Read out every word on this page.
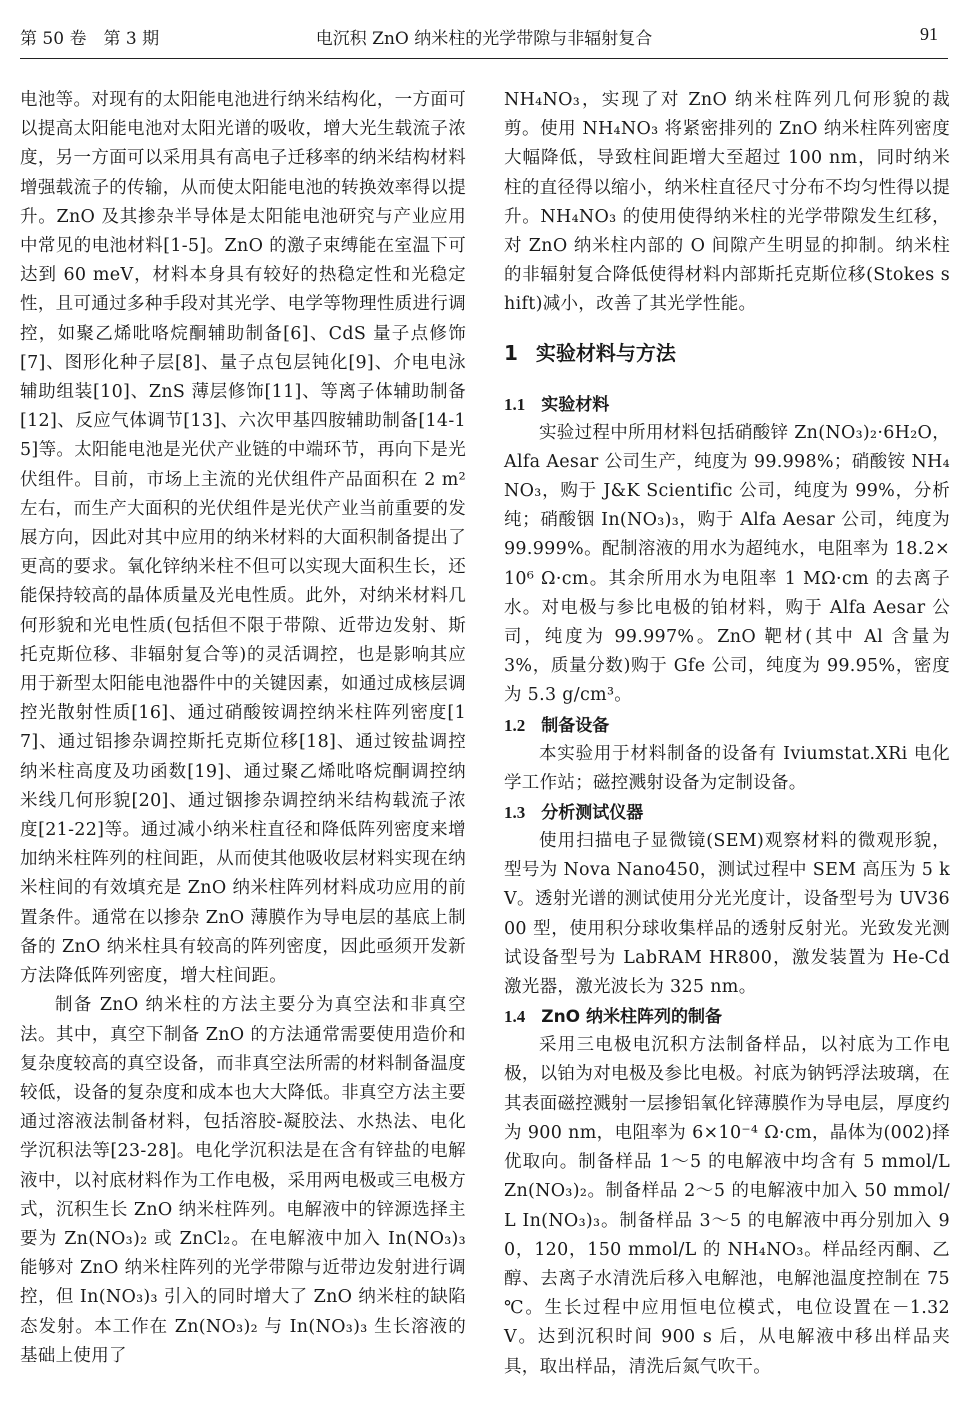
第 50 卷　第 3 期	电沉积 ZnO 纳米柱的光学带隙与非辐射复合	91

电池等。对现有的太阳能电池进行纳米结构化，一方面可以提高太阳能电池对太阳光谱的吸收，增大光生载流子浓度，另一方面可以采用具有高电子迁移率的纳米结构材料增强载流子的传输，从而使太阳能电池的转换效率得以提升。ZnO 及其掺杂半导体是太阳能电池研究与产业应用中常见的电池材料[1-5]。ZnO 的激子束缚能在室温下可达到 60 meV，材料本身具有较好的热稳定性和光稳定性，且可通过多种手段对其光学、电学等物理性质进行调控，如聚乙烯吡咯烷酮辅助制备[6]、CdS 量子点修饰[7]、图形化种子层[8]、量子点包层钝化[9]、介电电泳辅助组装[10]、ZnS 薄层修饰[11]、等离子体辅助制备[12]、反应气体调节[13]、六次甲基四胺辅助制备[14-15]等。太阳能电池是光伏产业链的中端环节，再向下是光伏组件。目前，市场上主流的光伏组件产品面积在 2 m² 左右，而生产大面积的光伏组件是光伏产业当前重要的发展方向，因此对其中应用的纳米材料的大面积制备提出了更高的要求。氧化锌纳米柱不但可以实现大面积生长，还能保持较高的晶体质量及光电性质。此外，对纳米材料几何形貌和光电性质(包括但不限于带隙、近带边发射、斯托克斯位移、非辐射复合等)的灵活调控，也是影响其应用于新型太阳能电池器件中的关键因素，如通过成核层调控光散射性质[16]、通过硝酸铵调控纳米柱阵列密度[17]、通过铝掺杂调控斯托克斯位移[18]、通过铵盐调控纳米柱高度及功函数[19]、通过聚乙烯吡咯烷酮调控纳米线几何形貌[20]、通过铟掺杂调控纳米结构载流子浓度[21-22]等。通过减小纳米柱直径和降低阵列密度来增加纳米柱阵列的柱间距，从而使其他吸收层材料实现在纳米柱间的有效填充是 ZnO 纳米柱阵列材料成功应用的前置条件。通常在以掺杂 ZnO 薄膜作为导电层的基底上制备的 ZnO 纳米柱具有较高的阵列密度，因此亟须开发新方法降低阵列密度，增大柱间距。

制备 ZnO 纳米柱的方法主要分为真空法和非真空法。其中，真空下制备 ZnO 的方法通常需要使用造价和复杂度较高的真空设备，而非真空法所需的材料制备温度较低，设备的复杂度和成本也大大降低。非真空方法主要通过溶液法制备材料，包括溶胶-凝胶法、水热法、电化学沉积法等[23-28]。电化学沉积法是在含有锌盐的电解液中，以衬底材料作为工作电极，采用两电极或三电极方式，沉积生长 ZnO 纳米柱阵列。电解液中的锌源选择主要为 Zn(NO₃)₂ 或 ZnCl₂。在电解液中加入 In(NO₃)₃ 能够对 ZnO 纳米柱阵列的光学带隙与近带边发射进行调控，但 In(NO₃)₃ 引入的同时增大了 ZnO 纳米柱的缺陷态发射。本工作在 Zn(NO₃)₂ 与 In(NO₃)₃ 生长溶液的基础上使用了

NH₄NO₃，实现了对 ZnO 纳米柱阵列几何形貌的裁剪。使用 NH₄NO₃ 将紧密排列的 ZnO 纳米柱阵列密度大幅降低，导致柱间距增大至超过 100 nm，同时纳米柱的直径得以缩小，纳米柱直径尺寸分布不均匀性得以提升。NH₄NO₃ 的使用使得纳米柱的光学带隙发生红移，对 ZnO 纳米柱内部的 O 间隙产生明显的抑制。纳米柱的非辐射复合降低使得材料内部斯托克斯位移(Stokes shift)减小，改善了其光学性能。

1 实验材料与方法
1.1 实验材料

实验过程中所用材料包括硝酸锌 Zn(NO₃)₂·6H₂O，Alfa Aesar 公司生产，纯度为 99.998%；硝酸铵 NH₄NO₃，购于 J&K Scientific 公司，纯度为 99%，分析纯；硝酸铟 In(NO₃)₃，购于 Alfa Aesar 公司，纯度为 99.999%。配制溶液的用水为超纯水，电阻率为 18.2×10⁶ Ω·cm。其余所用水为电阻率 1 MΩ·cm 的去离子水。对电极与参比电极的铂材料，购于 Alfa Aesar 公司，纯度为 99.997%。ZnO 靶材(其中 Al 含量为 3%，质量分数)购于 Gfe 公司，纯度为 99.95%，密度为 5.3 g/cm³。

1.2 制备设备

本实验用于材料制备的设备有 Iviumstat.XRi 电化学工作站；磁控溅射设备为定制设备。

1.3 分析测试仪器

使用扫描电子显微镜(SEM)观察材料的微观形貌，型号为 Nova Nano450，测试过程中 SEM 高压为 5 kV。透射光谱的测试使用分光光度计，设备型号为 UV3600 型，使用积分球收集样品的透射反射光。光致发光测试设备型号为 LabRAM HR800，激发装置为 He-Cd 激光器，激光波长为 325 nm。

1.4 ZnO 纳米柱阵列的制备

采用三电极电沉积方法制备样品，以衬底为工作电极，以铂为对电极及参比电极。衬底为钠钙浮法玻璃，在其表面磁控溅射一层掺铝氧化锌薄膜作为导电层，厚度约为 900 nm，电阻率为 6×10⁻⁴ Ω·cm，晶体为(002)择优取向。制备样品 1～5 的电解液中均含有 5 mmol/L Zn(NO₃)₂。制备样品 2～5 的电解液中加入 50 mmol/L In(NO₃)₃。制备样品 3～5 的电解液中再分别加入 90，120，150 mmol/L 的 NH₄NO₃。样品经丙酮、乙醇、去离子水清洗后移入电解池，电解池温度控制在 75 ℃。生长过程中应用恒电位模式，电位设置在－1.32 V。达到沉积时间 900 s 后，从电解液中移出样品夹具，取出样品，清洗后氮气吹干。
